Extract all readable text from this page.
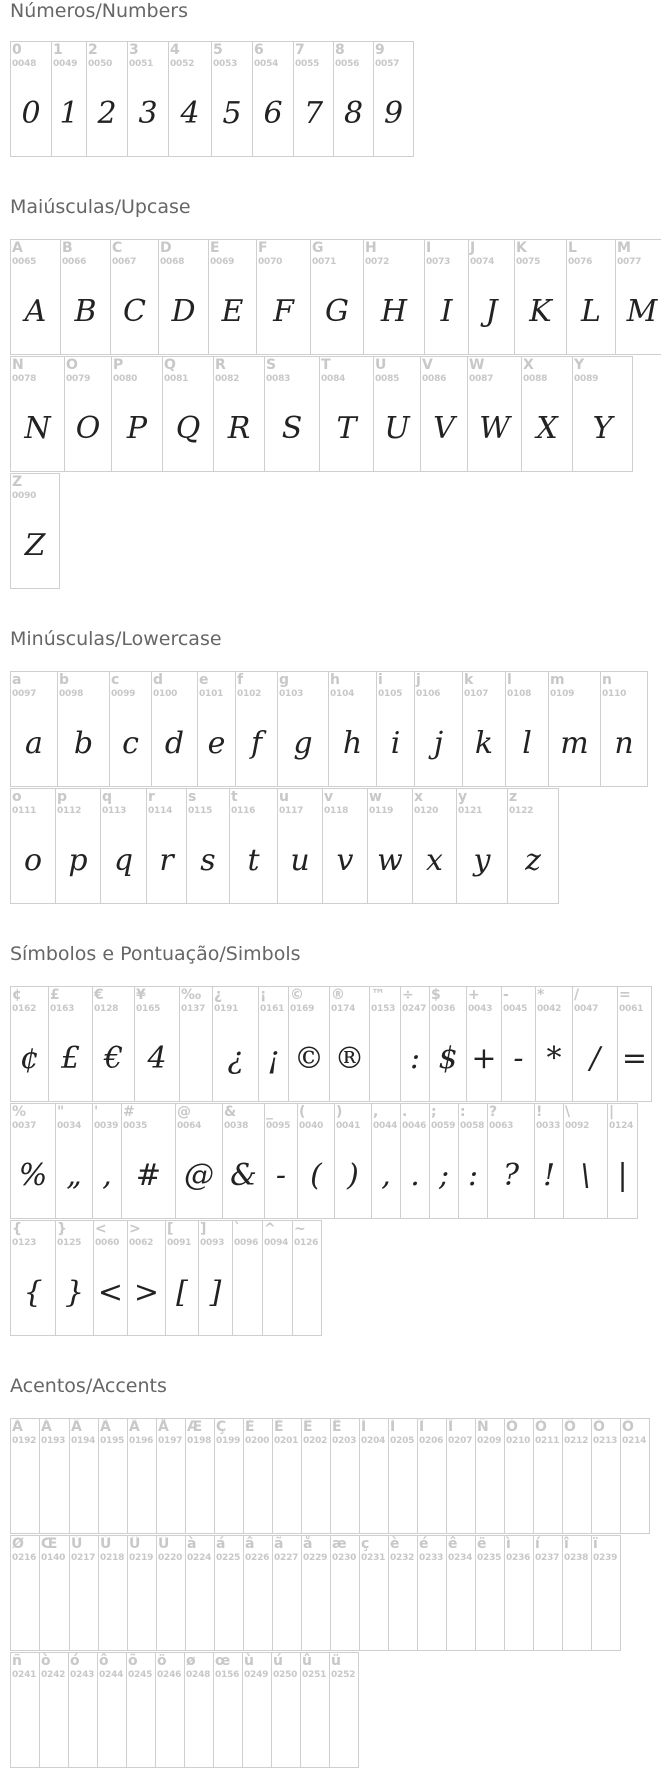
Números/Numbers
0
0048
0
1
0049
1
2
0050
2
3
0051
3
4
0052
4
5
0053
5
6
0054
6
7
0055
7
8
0056
8
9
0057
9
Maiúsculas/Upcase
A
0065
A
B
0066
B
C
0067
C
D
0068
D
E
0069
E
F
0070
F
G
0071
G
H
0072
H
I
0073
I
J
0074
J
K
0075
K
L
0076
L
M
0077
M
N
0078
N
O
0079
O
P
0080
P
Q
0081
Q
R
0082
R
S
0083
S
T
0084
T
U
0085
U
V
0086
V
W
0087
W
X
0088
X
Y
0089
Y
Z
0090
Z
Minúsculas/Lowercase
a
0097
a
b
0098
b
c
0099
c
d
0100
d
e
0101
e
f
0102
f
g
0103
g
h
0104
h
i
0105
i
j
0106
j
k
0107
k
l
0108
l
m
0109
m
n
0110
n
o
0111
o
p
0112
p
q
0113
q
r
0114
r
s
0115
s
t
0116
t
u
0117
u
v
0118
v
w
0119
w
x
0120
x
y
0121
y
z
0122
z
Símbolos e Pontuação/Simbols
¢
0162
¢
£
0163
£
€
0128
€
¥
0165
4
‰
0137
¿
0191
¿
¡
0161
¡
©
0169
©
®
0174
®
™
0153
÷
0247
:
$
0036
$
+
0043
+
-
0045
-
*
0042
*
/
0047
/
=
0061
=
%
0037
%
"
0034
„
'
0039
,
#
0035
#
@
0064
@
&
0038
&
_
0095
-
(
0040
(
)
0041
)
,
0044
,
.
0046
.
;
0059
;
:
0058
:
?
0063
?
!
0033
!
\
0092
\
|
0124
|
{
0123
{
}
0125
}
<
0060
<
>
0062
>
[
0091
[
]
0093
]
`
0096
^
0094
~
0126
Acentos/Accents
À
0192
Á
0193
Â
0194
Ã
0195
Ä
0196
Å
0197
Æ
0198
Ç
0199
È
0200
É
0201
Ê
0202
Ë
0203
Ì
0204
Í
0205
Î
0206
Ï
0207
Ñ
0209
Ò
0210
Ó
0211
Ô
0212
Õ
0213
Ö
0214
Ø
0216
Œ
0140
Ù
0217
Ú
0218
Û
0219
Ü
0220
à
0224
á
0225
â
0226
ã
0227
å
0229
æ
0230
ç
0231
è
0232
é
0233
ê
0234
ë
0235
ì
0236
í
0237
î
0238
ï
0239
ñ
0241
ò
0242
ó
0243
ô
0244
õ
0245
ö
0246
ø
0248
œ
0156
ù
0249
ú
0250
û
0251
ü
0252
